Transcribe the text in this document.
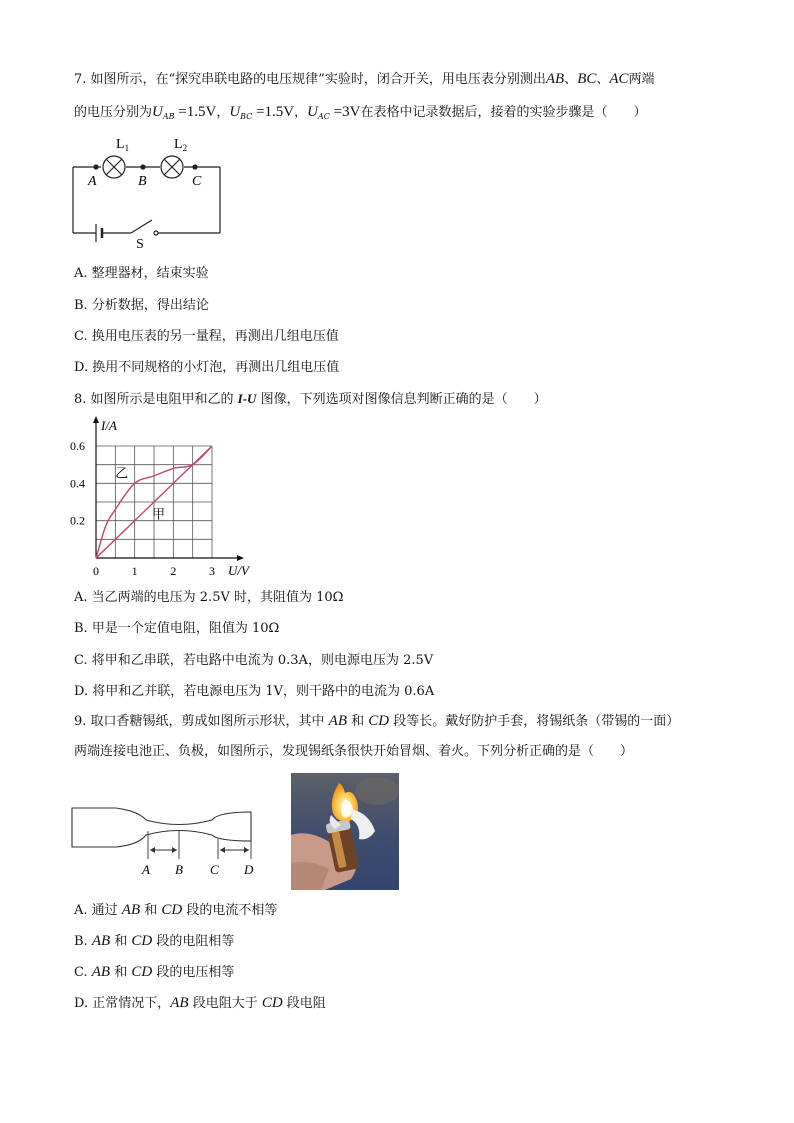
7. 如图所示，在“探究串联电路的电压规律”实验时，闭合开关，用电压表分别测出AB、BC、AC两端
的电压分别为$U_{AB} =1.5V$，$U_{BC} =1.5V$，$U_{AC} =3V$在表格中记录数据后，接着的实验步骤是（　　）
$L_1$	$L_2$
A	B	C
S
A. 整理器材，结束实验
B. 分析数据，得出结论
C. 换用电压表的另一量程，再测出几组电压值
D. 换用不同规格的小灯泡，再测出几组电压值
8. 如图所示是电阻甲和乙的 I-U 图像，下列选项对图像信息判断正确的是（　　）
I/A
U/V
0	1	2	3
0.2
0.4
0.6
甲
乙
A. 当乙两端的电压为 2.5V 时，其阻值为 10Ω
B. 甲是一个定值电阻，阻值为 10Ω
C. 将甲和乙串联，若电路中电流为 0.3A，则电源电压为 2.5V
D. 将甲和乙并联，若电源电压为 1V，则干路中的电流为 0.6A
9. 取口香糖锡纸，剪成如图所示形状，其中 AB 和 CD 段等长。戴好防护手套，将锡纸条（带锡的一面）
两端连接电池正、负极，如图所示，发现锡纸条很快开始冒烟、着火。下列分析正确的是（　　）
A B C D
A. 通过 AB 和 CD 段的电流不相等
B. AB 和 CD 段的电阻相等
C. AB 和 CD 段的电压相等
D. 正常情况下，AB 段电阻大于 CD 段电阻
